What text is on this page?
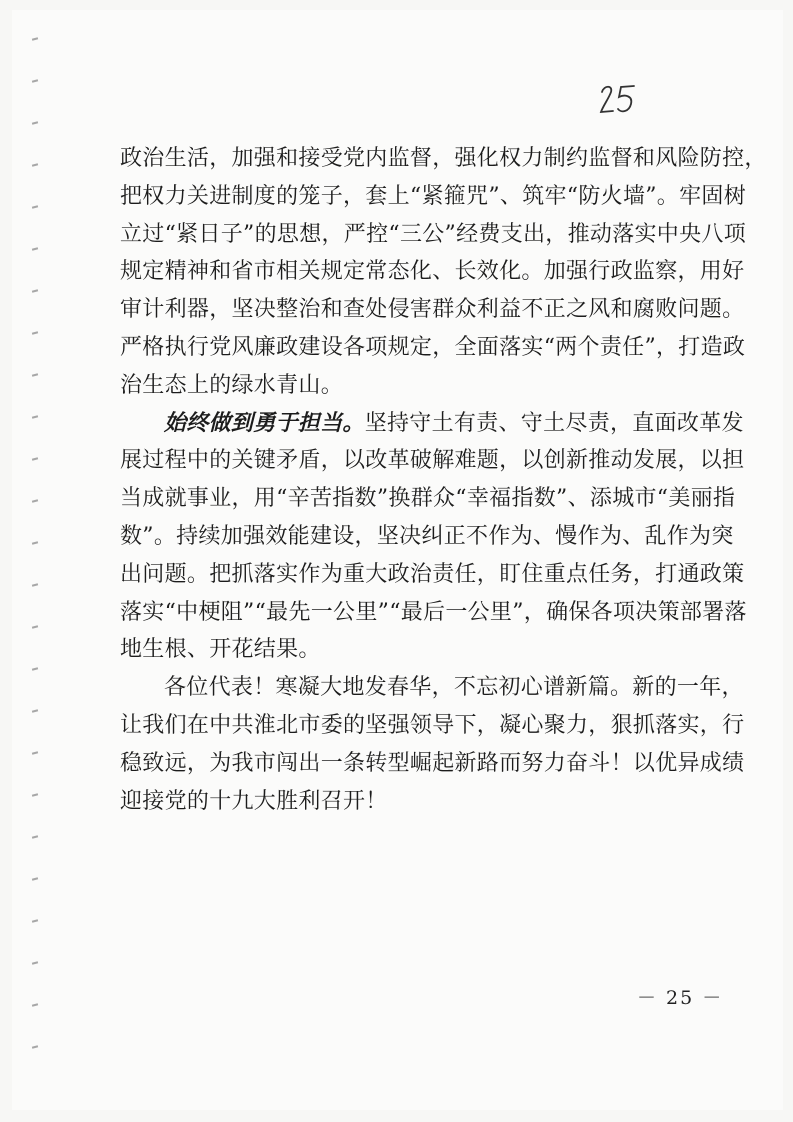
政治生活，加强和接受党内监督，强化权力制约监督和风险防控，

把权力关进制度的笼子，套上“紧箍咒”、筑牢“防火墙”。牢固树

立过“紧日子”的思想，严控“三公”经费支出，推动落实中央八项

规定精神和省市相关规定常态化、长效化。加强行政监察，用好

审计利器，坚决整治和查处侵害群众利益不正之风和腐败问题。

严格执行党风廉政建设各项规定，全面落实“两个责任”，打造政

治生态上的绿水青山。

始终做到勇于担当。坚持守土有责、守土尽责，直面改革发

展过程中的关键矛盾，以改革破解难题，以创新推动发展，以担

当成就事业，用“辛苦指数”换群众“幸福指数”、添城市“美丽指

数”。持续加强效能建设，坚决纠正不作为、慢作为、乱作为突

出问题。把抓落实作为重大政治责任，盯住重点任务，打通政策

落实“中梗阻”“最先一公里”“最后一公里”，确保各项决策部署落

地生根、开花结果。

各位代表！寒凝大地发春华，不忘初心谱新篇。新的一年，

让我们在中共淮北市委的坚强领导下，凝心聚力，狠抓落实，行

稳致远，为我市闯出一条转型崛起新路而努力奋斗！以优异成绩

迎接党的十九大胜利召开！

－ 25 －
